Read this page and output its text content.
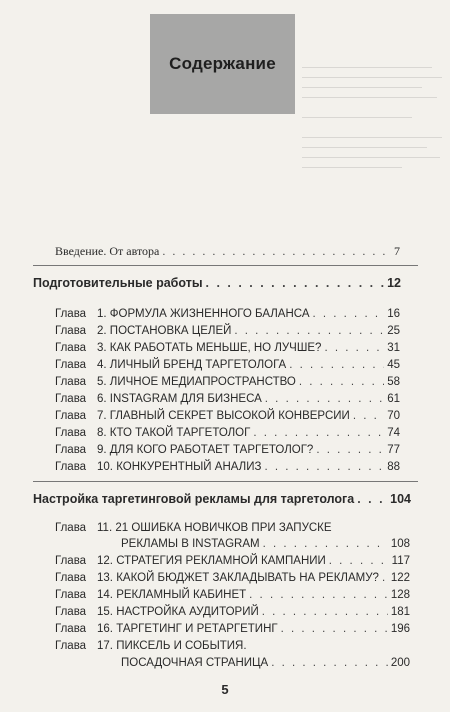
Содержание
Введение. От автора . . .	7
Подготовительные работы . . .	12
Глава 1. ФОРМУЛА ЖИЗНЕННОГО БАЛАНСА . . .	16
Глава 2. ПОСТАНОВКА ЦЕЛЕЙ . . .	25
Глава 3. КАК РАБОТАТЬ МЕНЬШЕ, НО ЛУЧШЕ? . . .	31
Глава 4. ЛИЧНЫЙ БРЕНД ТАРГЕТОЛОГА . . .	45
Глава 5. ЛИЧНОЕ МЕДИАПРОСТРАНСТВО . . .	58
Глава 6. INSTAGRAM ДЛЯ БИЗНЕСА . . .	61
Глава 7. ГЛАВНЫЙ СЕКРЕТ ВЫСОКОЙ КОНВЕРСИИ . . .	70
Глава 8. КТО ТАКОЙ ТАРГЕТОЛОГ . . .	74
Глава 9. ДЛЯ КОГО РАБОТАЕТ ТАРГЕТОЛОГ? . . .	77
Глава 10. КОНКУРЕНТНЫЙ АНАЛИЗ . . .	88
Настройка таргетинговой рекламы для таргетолога . . .	104
Глава 11. 21 ОШИБКА НОВИЧКОВ ПРИ ЗАПУСКЕ
РЕКЛАМЫ В INSTAGRAM . . .	108
Глава 12. СТРАТЕГИЯ РЕКЛАМНОЙ КАМПАНИИ . . .	117
Глава 13. КАКОЙ БЮДЖЕТ ЗАКЛАДЫВАТЬ НА РЕКЛАМУ? . . . 122
Глава 14. РЕКЛАМНЫЙ КАБИНЕТ . . .	128
Глава 15. НАСТРОЙКА АУДИТОРИЙ . . .	181
Глава 16. ТАРГЕТИНГ И РЕТАРГЕТИНГ . . .	196
Глава 17. ПИКСЕЛЬ И СОБЫТИЯ.
ПОСАДОЧНАЯ СТРАНИЦА . . .	200
5
